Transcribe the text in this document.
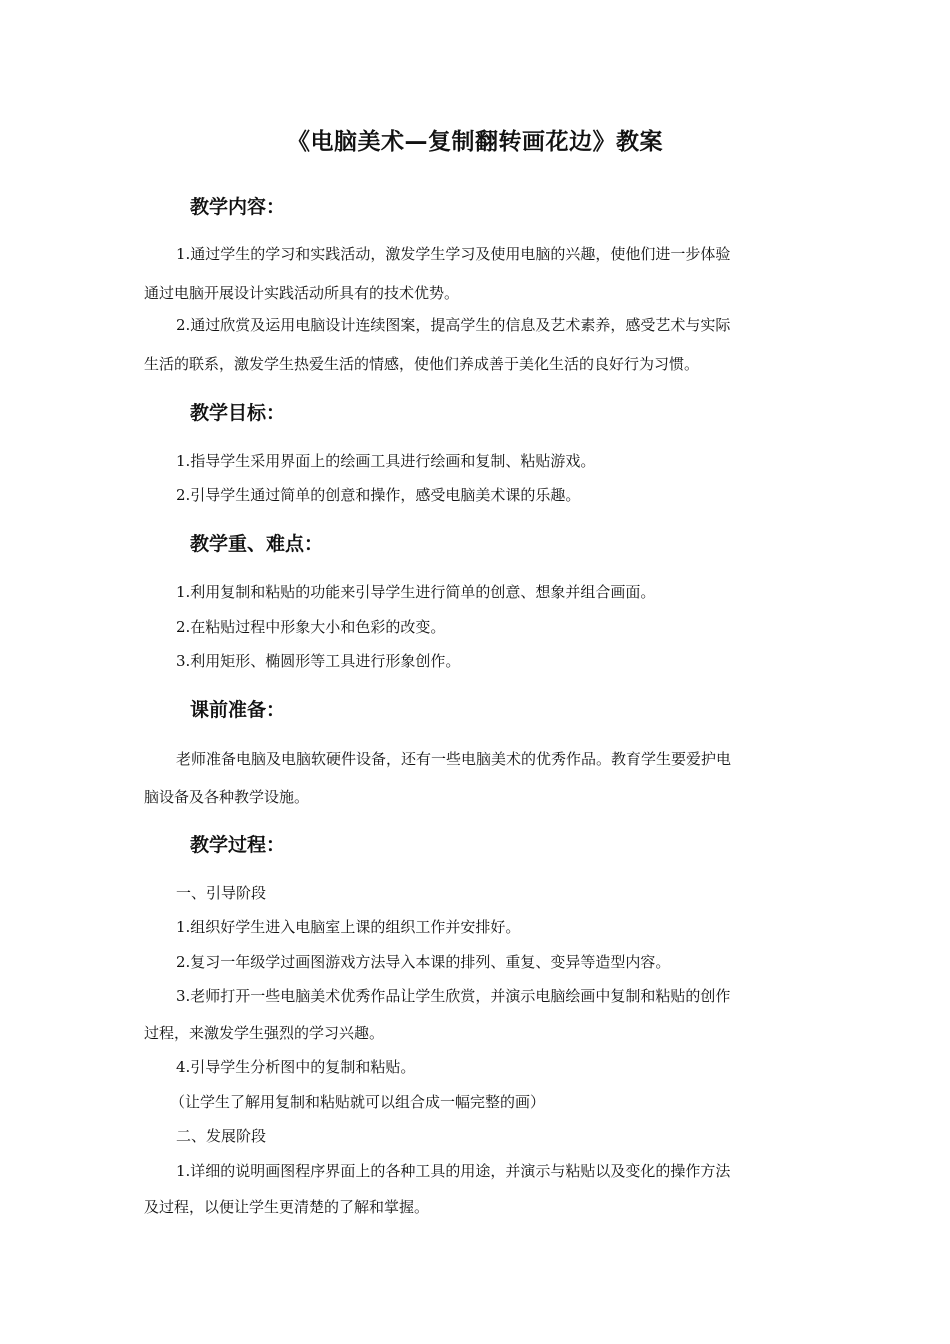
《电脑美术—复制翻转画花边》教案
教学内容：
1.通过学生的学习和实践活动，激发学生学习及使用电脑的兴趣，使他们进一步体验
通过电脑开展设计实践活动所具有的技术优势。
2.通过欣赏及运用电脑设计连续图案，提高学生的信息及艺术素养，感受艺术与实际
生活的联系，激发学生热爱生活的情感，使他们养成善于美化生活的良好行为习惯。
教学目标：
1.指导学生采用界面上的绘画工具进行绘画和复制、粘贴游戏。
2.引导学生通过简单的创意和操作，感受电脑美术课的乐趣。
教学重、难点：
1.利用复制和粘贴的功能来引导学生进行简单的创意、想象并组合画面。
2.在粘贴过程中形象大小和色彩的改变。
3.利用矩形、椭圆形等工具进行形象创作。
课前准备：
老师准备电脑及电脑软硬件设备，还有一些电脑美术的优秀作品。教育学生要爱护电
脑设备及各种教学设施。
教学过程：
一、引导阶段
1.组织好学生进入电脑室上课的组织工作并安排好。
2.复习一年级学过画图游戏方法导入本课的排列、重复、变异等造型内容。
3.老师打开一些电脑美术优秀作品让学生欣赏，并演示电脑绘画中复制和粘贴的创作
过程，来激发学生强烈的学习兴趣。
4.引导学生分析图中的复制和粘贴。
（让学生了解用复制和粘贴就可以组合成一幅完整的画）
二、发展阶段
1.详细的说明画图程序界面上的各种工具的用途，并演示与粘贴以及变化的操作方法
及过程，以便让学生更清楚的了解和掌握。
